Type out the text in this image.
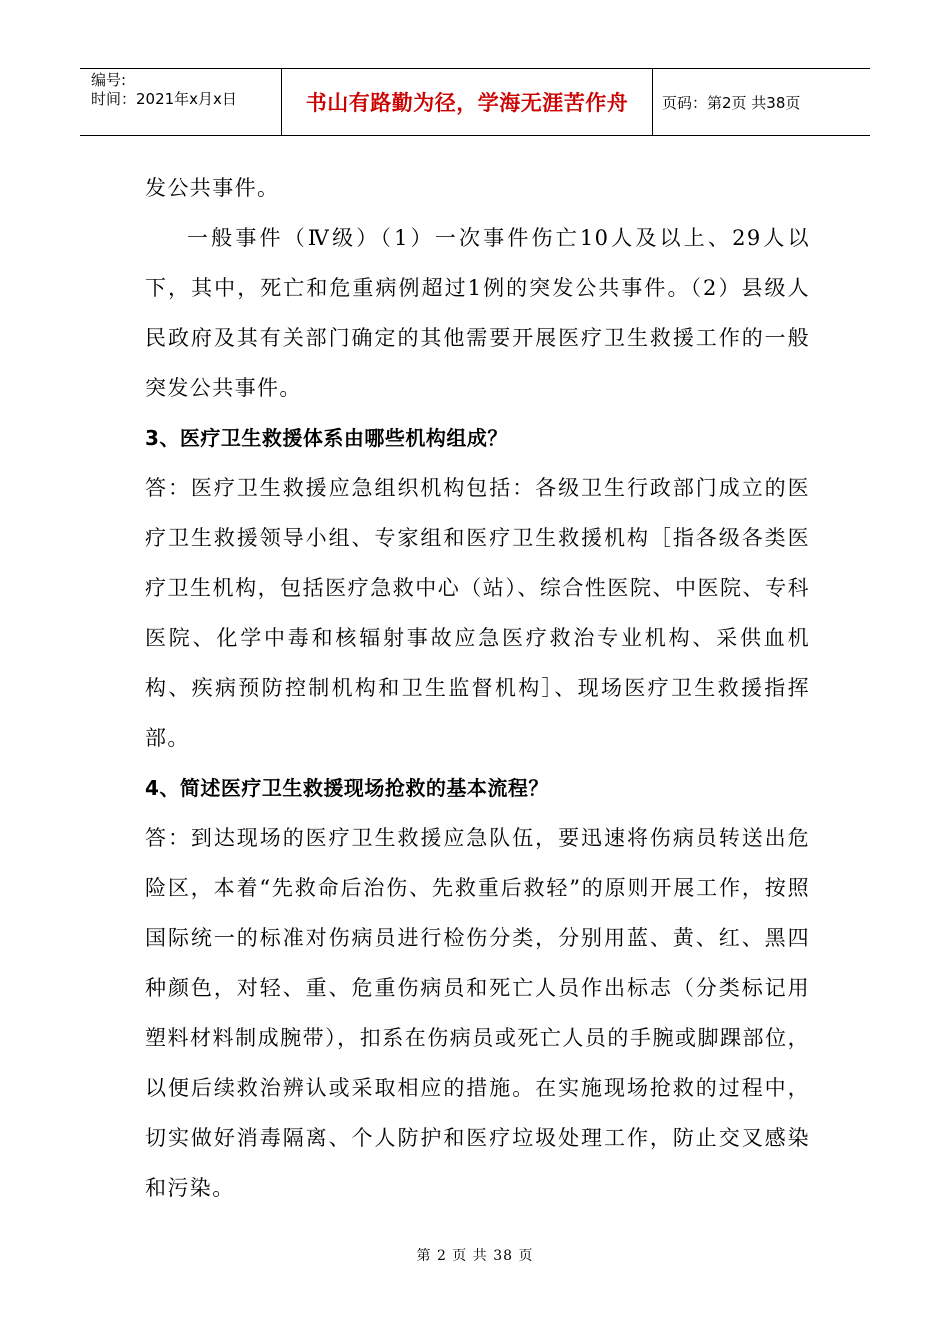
编号:
时间：2021年x月x日	书山有路勤为径，学海无涯苦作舟 页码：第2页 共38页

发公共事件。

一般事件（Ⅳ级）（1）一次事件伤亡10人及以上、29人以下，其中，死亡和危重病例超过1例的突发公共事件。（2）县级人民政府及其有关部门确定的其他需要开展医疗卫生救援工作的一般突发公共事件。

3、医疗卫生救援体系由哪些机构组成？

答：医疗卫生救援应急组织机构包括：各级卫生行政部门成立的医疗卫生救援领导小组、专家组和医疗卫生救援机构［指各级各类医疗卫生机构，包括医疗急救中心（站）、综合性医院、中医院、专科医院、化学中毒和核辐射事故应急医疗救治专业机构、采供血机构、疾病预防控制机构和卫生监督机构］、现场医疗卫生救援指挥部。

4、简述医疗卫生救援现场抢救的基本流程？

答：到达现场的医疗卫生救援应急队伍，要迅速将伤病员转送出危险区，本着“先救命后治伤、先救重后救轻”的原则开展工作，按照国际统一的标准对伤病员进行检伤分类，分别用蓝、黄、红、黑四种颜色，对轻、重、危重伤病员和死亡人员作出标志（分类标记用塑料材料制成腕带），扣系在伤病员或死亡人员的手腕或脚踝部位，以便后续救治辨认或采取相应的措施。在实施现场抢救的过程中，切实做好消毒隔离、个人防护和医疗垃圾处理工作，防止交叉感染和污染。

第 2 页 共 38 页
